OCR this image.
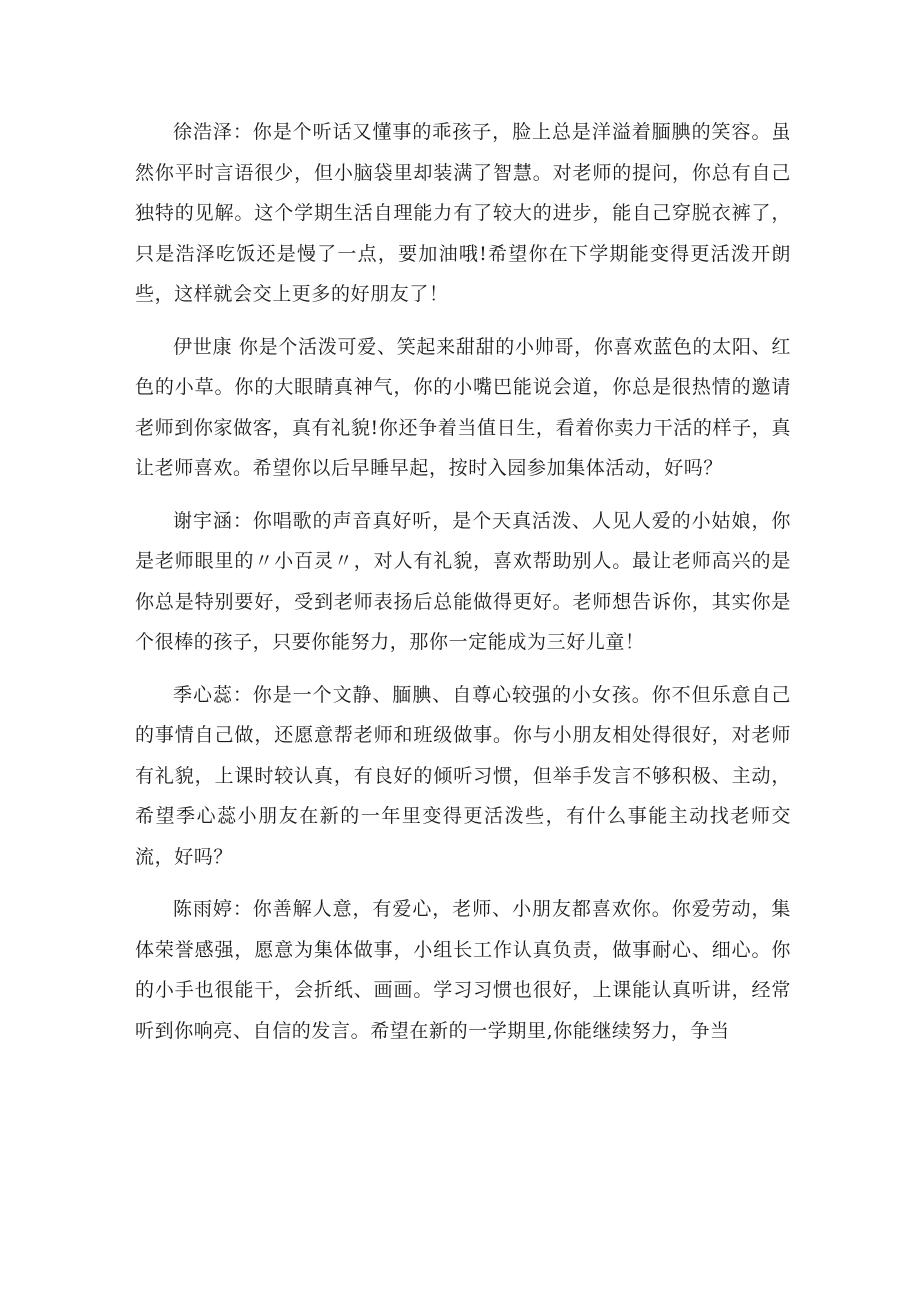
徐浩泽：你是个听话又懂事的乖孩子，脸上总是洋溢着腼腆的笑容。虽然你平时言语很少，但小脑袋里却装满了智慧。对老师的提问，你总有自己独特的见解。这个学期生活自理能力有了较大的进步，能自己穿脱衣裤了，只是浩泽吃饭还是慢了一点，要加油哦!希望你在下学期能变得更活泼开朗些，这样就会交上更多的好朋友了！

伊世康 你是个活泼可爱、笑起来甜甜的小帅哥，你喜欢蓝色的太阳、红色的小草。你的大眼睛真神气，你的小嘴巴能说会道，你总是很热情的邀请老师到你家做客，真有礼貌!你还争着当值日生，看着你卖力干活的样子，真让老师喜欢。希望你以后早睡早起，按时入园参加集体活动，好吗？

谢宇涵：你唱歌的声音真好听，是个天真活泼、人见人爱的小姑娘，你是老师眼里的〃小百灵〃，对人有礼貌，喜欢帮助别人。最让老师高兴的是你总是特别要好，受到老师表扬后总能做得更好。老师想告诉你，其实你是个很棒的孩子，只要你能努力，那你一定能成为三好儿童！

季心蕊：你是一个文静、腼腆、自尊心较强的小女孩。你不但乐意自己的事情自己做，还愿意帮老师和班级做事。你与小朋友相处得很好，对老师有礼貌，上课时较认真，有良好的倾听习惯，但举手发言不够积极、主动，希望季心蕊小朋友在新的一年里变得更活泼些，有什么事能主动找老师交流，好吗？

陈雨婷：你善解人意，有爱心，老师、小朋友都喜欢你。你爱劳动，集体荣誉感强，愿意为集体做事，小组长工作认真负责，做事耐心、细心。你的小手也很能干，会折纸、画画。学习习惯也很好，上课能认真听讲，经常听到你响亮、自信的发言。希望在新的一学期里,你能继续努力，争当
